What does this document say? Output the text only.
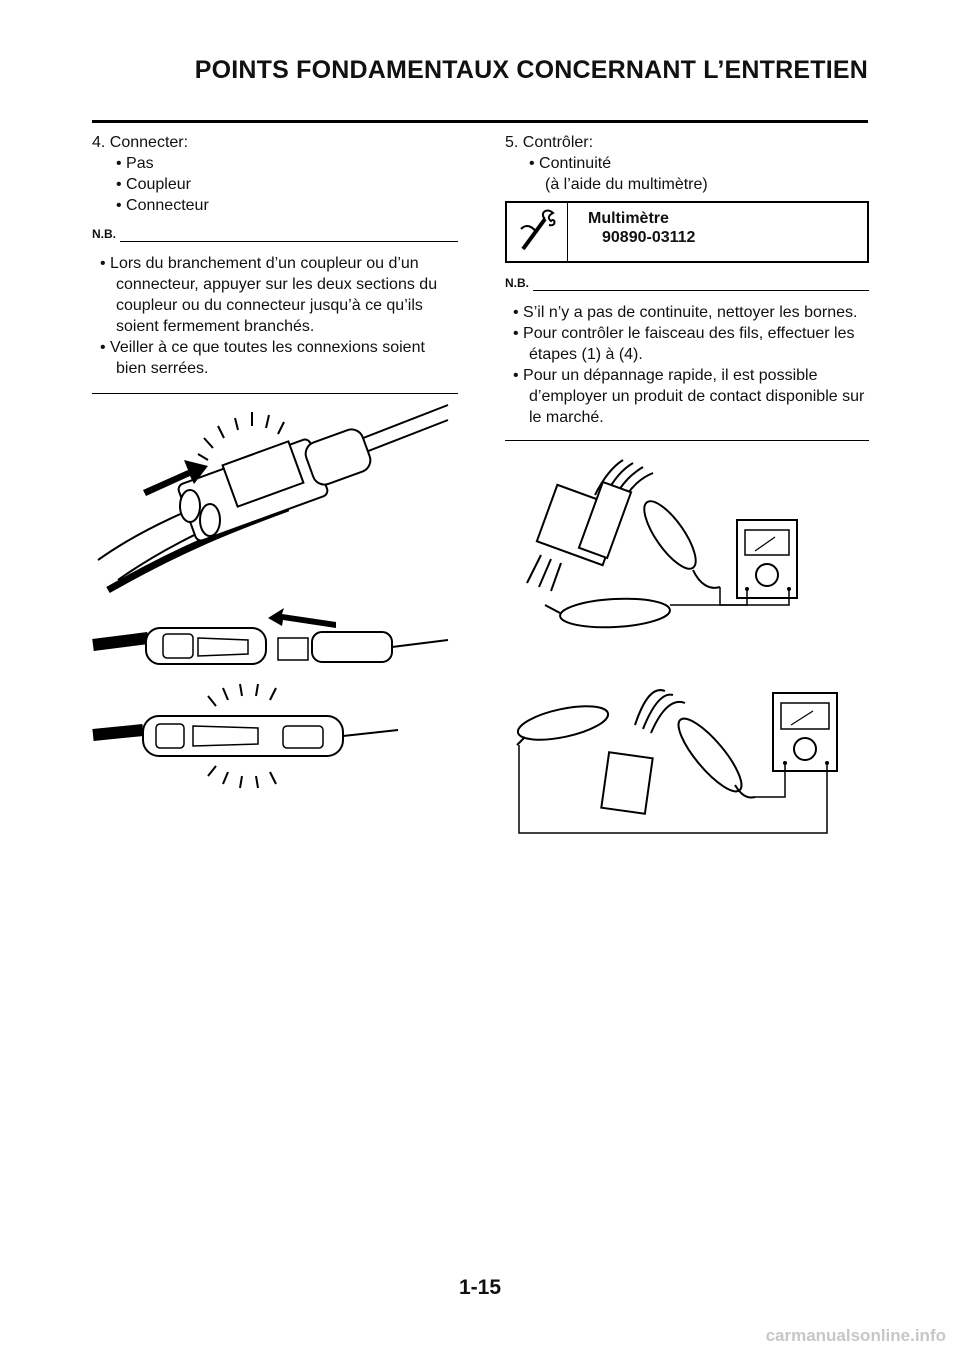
POINTS FONDAMENTAUX CONCERNANT L’ENTRETIEN
4. Connecter:
• Pas
• Coupleur
• Connecteur
N.B.

• Lors du branchement d’un coupleur ou d’un connecteur, appuyer sur les deux sections du coupleur ou du connecteur jusqu’à ce qu’ils soient fermement branchés.

• Veiller à ce que toutes les connexions soient bien serrées.

5. Contrôler:
• Continuité
(à l’aide du multimètre)
Multimètre
90890-03112
N.B.

• S’il n’y a pas de continuite, nettoyer les bornes.

• Pour contrôler le faisceau des fils, effectuer les étapes (1) à (4).

• Pour un dépannage rapide, il est possible d’employer un produit de contact disponible sur le marché.

1-15
carmanualsonline.info
